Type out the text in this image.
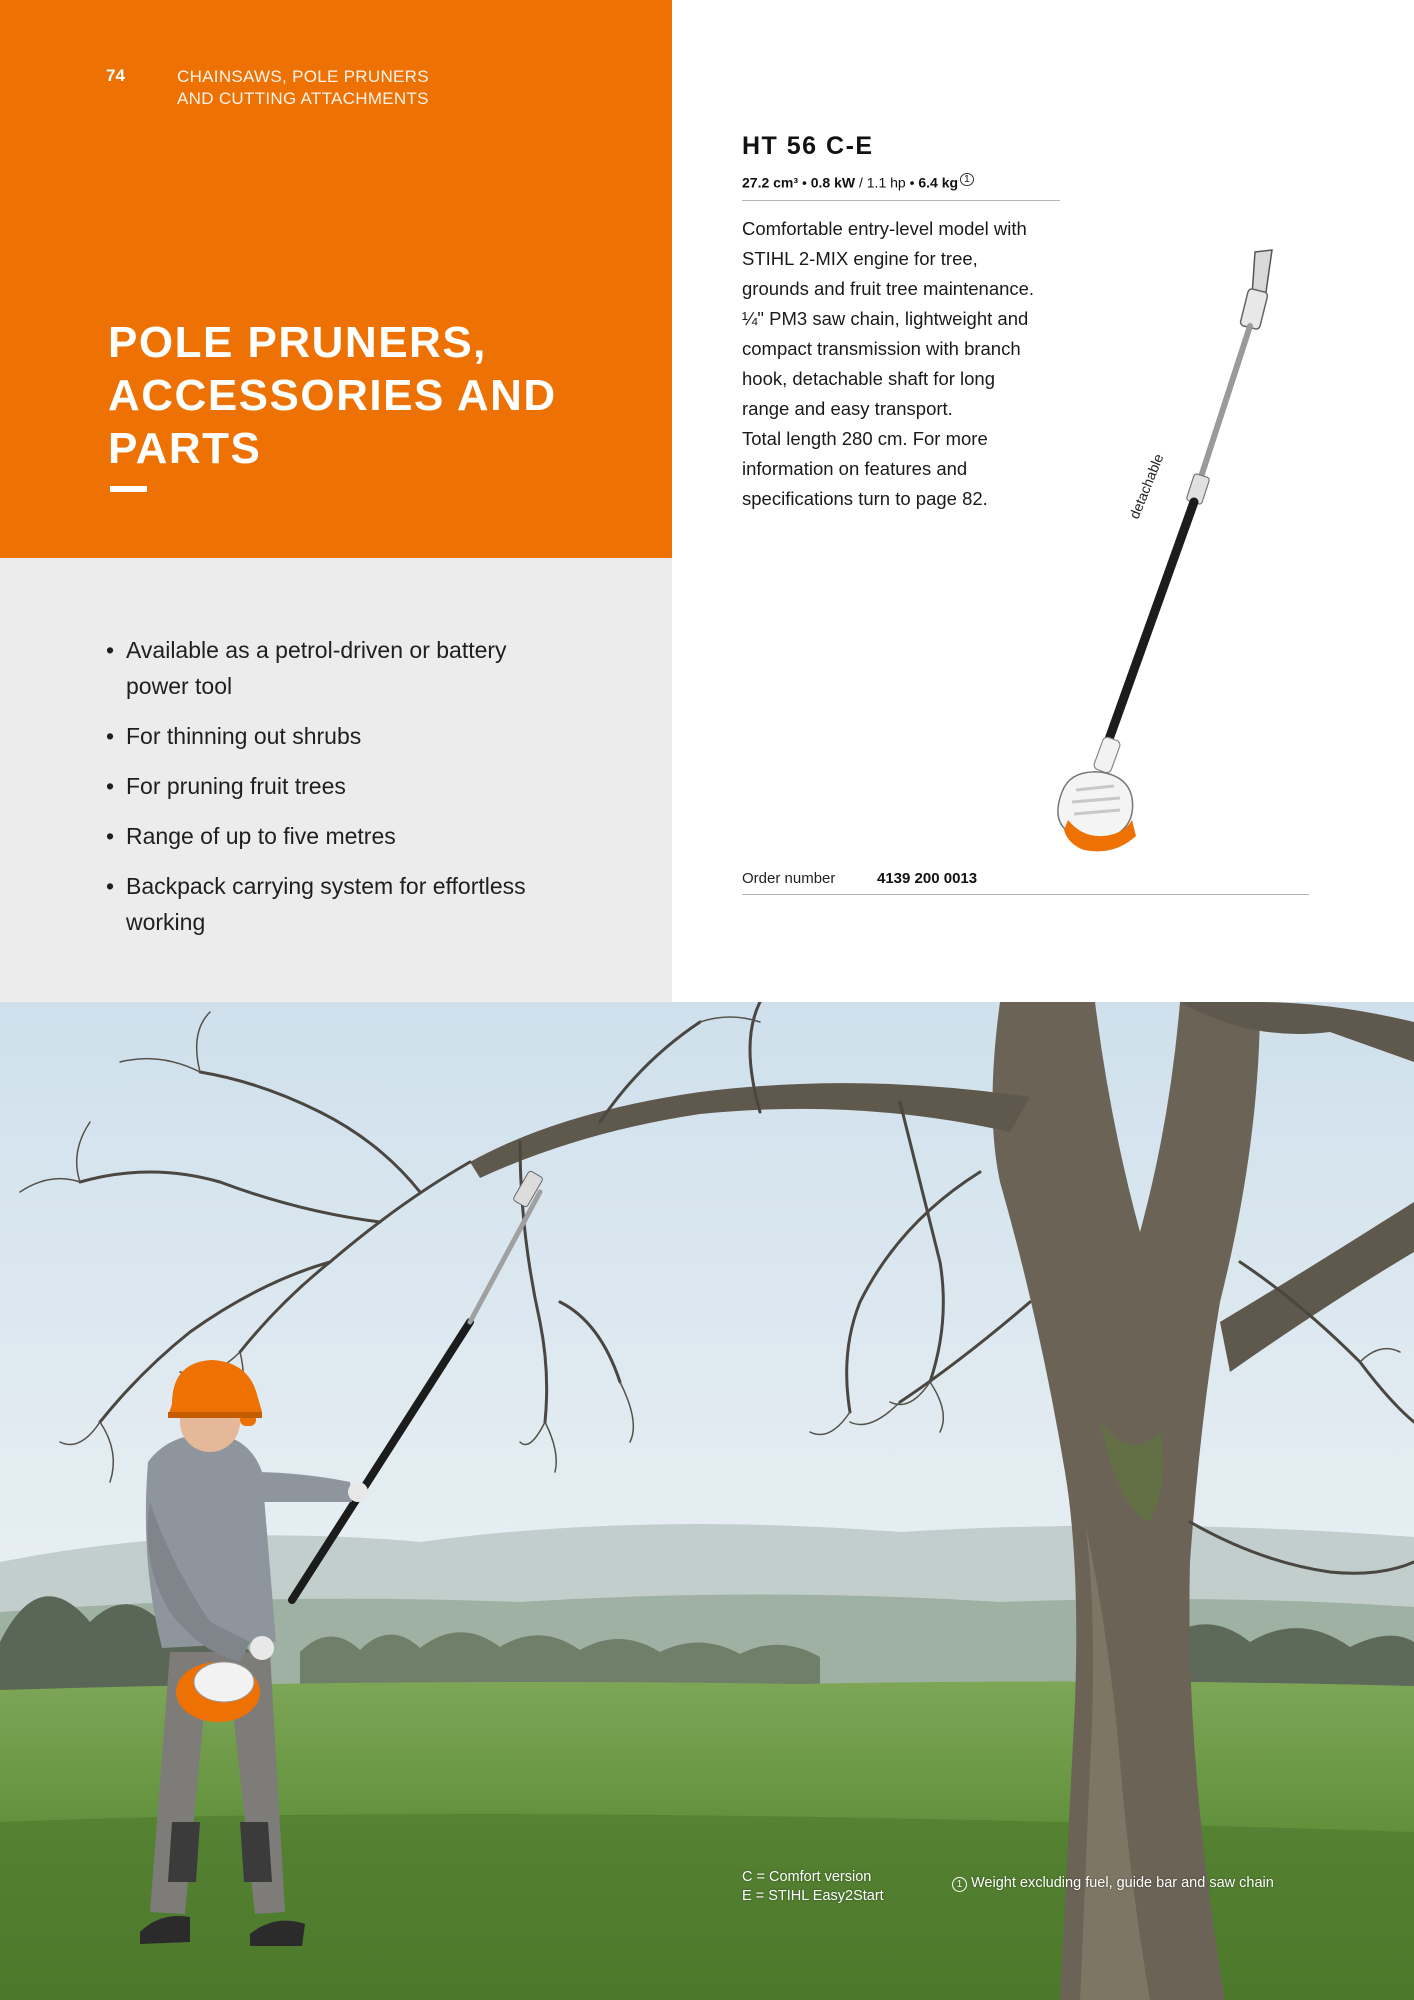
74	CHAINSAWS, POLE PRUNERS
AND CUTTING ATTACHMENTS
POLE PRUNERS,
ACCESSORIES AND
PARTS
• Available as a petrol-driven or battery power tool
• For thinning out shrubs
• For pruning fruit trees
• Range of up to five metres
• Backpack carrying system for effortless working
HT 56 C-E
27.2 cm³ • 0.8 kW / 1.1 hp • 6.4 kg $^1$

Comfortable entry-level model with STIHL 2-MIX engine for tree, grounds and fruit tree maintenance. ¼" PM3 saw chain, lightweight and compact transmission with branch hook, detachable shaft for long range and easy transport.

Total length 280 cm. For more information on features and specifications turn to page 82.	detachable
Order number	4139 200 0013
C = Comfort version
E = STIHL Easy2Start
1 Weight excluding fuel, guide bar and saw chain
